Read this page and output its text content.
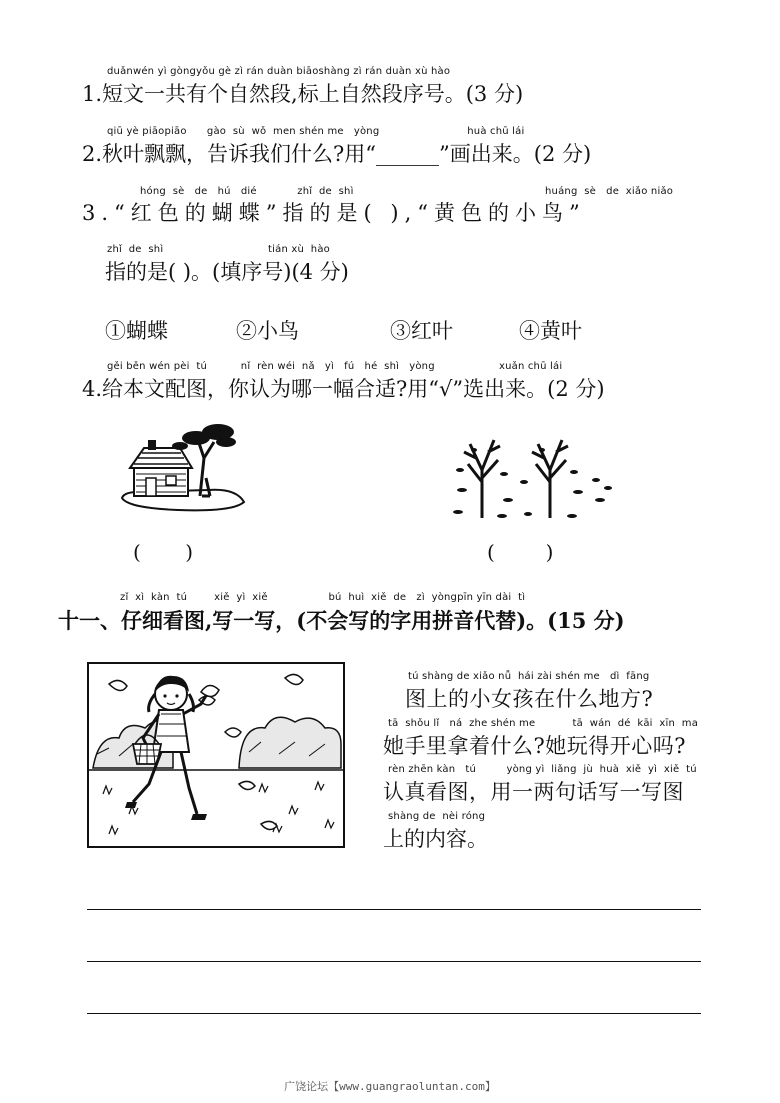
duǎnwén yì gòngyǒu gè zì rán duàn biāoshàng zì rán duàn xù hào
1.短文一共有个自然段,标上自然段序号。(3 分)
qiū yè piāopiāo      gào  sù  wǒ  men shén me   yòng                          huà chū lái
2.秋叶飘飘，告诉我们什么?用“______”画出来。(2 分)
hóng  sè   de   hú   dié            zhǐ  de  shì	huáng  sè   de  xiǎo niǎo
3.“红色的蝴蝶”指的是( ),“黄色的小鸟”
zhǐ  de  shì                               tián xù  hào
指的是( )。(填序号)(4 分)
①蝴蝶	②小鸟	③红叶	④黄叶
gěi běn wén pèi  tú          nǐ  rèn wéi  nǎ   yì   fú   hé  shì   yòng                   xuǎn chū lái
4.给本文配图，你认为哪一幅合适?用“√”选出来。(2 分)
(       )	(        )
zǐ  xì  kàn  tú        xiě  yì  xiě                  bú  huì  xiě  de   zì  yòngpīn yīn dài  tì
十一、仔细看图,写一写，(不会写的字用拼音代替)。(15 分)
tú shàng de xiǎo nǚ  hái zài shén me   dì  fāng
图上的小女孩在什么地方?
tā  shǒu lǐ   ná  zhe shén me           tā  wán  dé  kāi  xīn  ma
她手里拿着什么?她玩得开心吗?
rèn zhēn kàn   tú         yòng yì  liǎng  jù  huà  xiě  yì  xiě  tú
认真看图，用一两句话写一写图
shàng de  nèi róng
上的内容。
广饶论坛【www.guangraoluntan.com】
